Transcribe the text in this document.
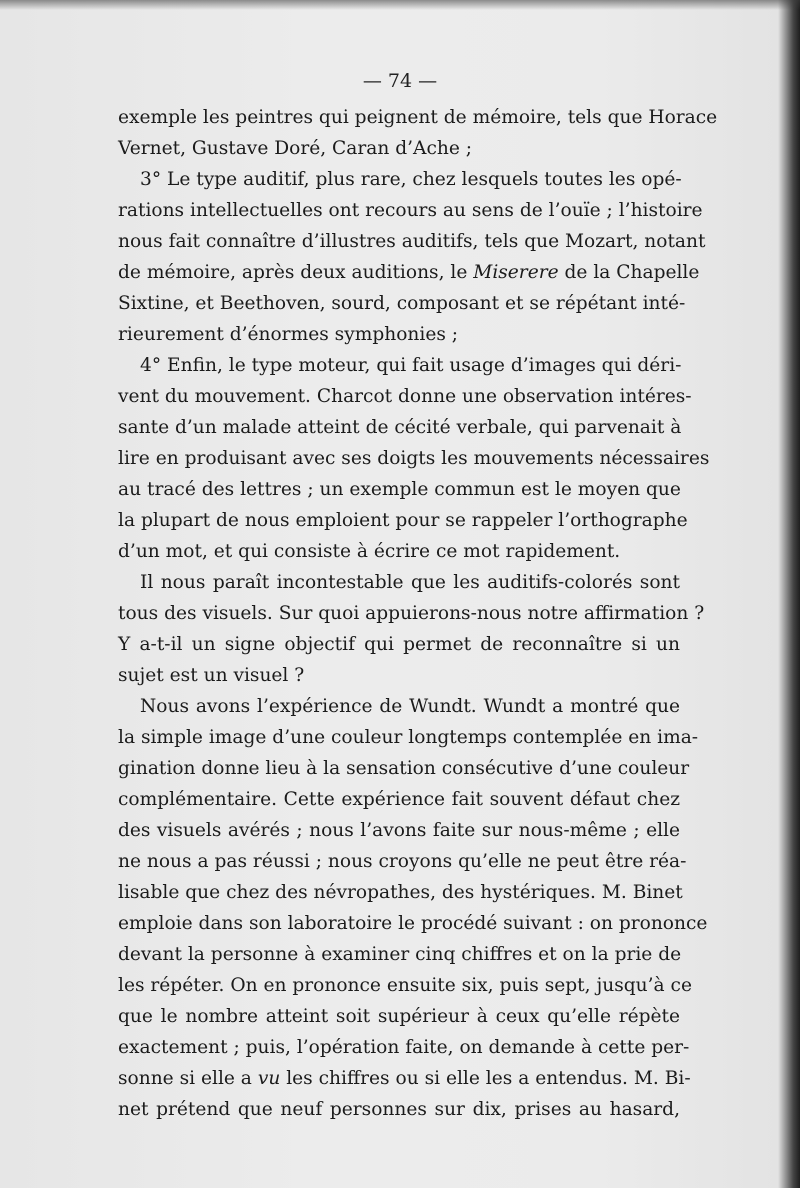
— 74 —
exemple les peintres qui peignent de mémoire, tels que Horace
Vernet, Gustave Doré, Caran d’Ache ;
3° Le type auditif, plus rare, chez lesquels toutes les opé-
rations intellectuelles ont recours au sens de l’ouïe ; l’histoire
nous fait connaître d’illustres auditifs, tels que Mozart, notant
de mémoire, après deux auditions, le Miserere de la Chapelle
Sixtine, et Beethoven, sourd, composant et se répétant inté-
rieurement d’énormes symphonies ;
4° Enfin, le type moteur, qui fait usage d’images qui déri-
vent du mouvement. Charcot donne une observation intéres-
sante d’un malade atteint de cécité verbale, qui parvenait à
lire en produisant avec ses doigts les mouvements nécessaires
au tracé des lettres ; un exemple commun est le moyen que
la plupart de nous emploient pour se rappeler l’orthographe
d’un mot, et qui consiste à écrire ce mot rapidement.
Il nous paraît incontestable que les auditifs-colorés sont
tous des visuels. Sur quoi appuierons-nous notre affirmation ?
Y a-t-il un signe objectif qui permet de reconnaître si un
sujet est un visuel ?
Nous avons l’expérience de Wundt. Wundt a montré que
la simple image d’une couleur longtemps contemplée en ima-
gination donne lieu à la sensation consécutive d’une couleur
complémentaire. Cette expérience fait souvent défaut chez
des visuels avérés ; nous l’avons faite sur nous-même ; elle
ne nous a pas réussi ; nous croyons qu’elle ne peut être réa-
lisable que chez des névropathes, des hystériques. M. Binet
emploie dans son laboratoire le procédé suivant : on prononce
devant la personne à examiner cinq chiffres et on la prie de
les répéter. On en prononce ensuite six, puis sept, jusqu’à ce
que le nombre atteint soit supérieur à ceux qu’elle répète
exactement ; puis, l’opération faite, on demande à cette per-
sonne si elle a vu les chiffres ou si elle les a entendus. M. Bi-
net prétend que neuf personnes sur dix, prises au hasard,
